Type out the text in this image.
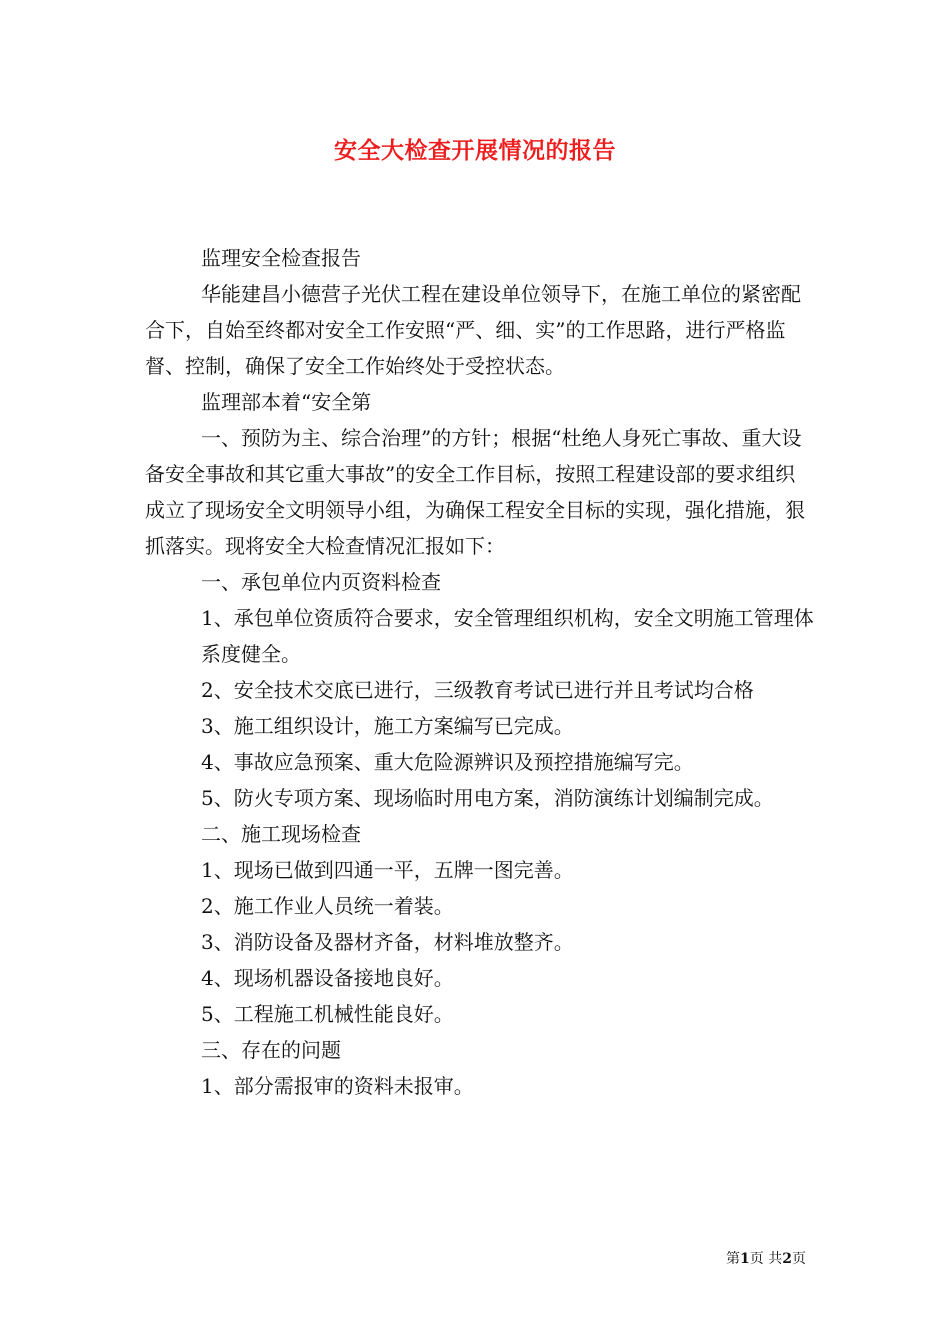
安全大检查开展情况的报告

监理安全检查报告

华能建昌小德营子光伏工程在建设单位领导下，在施工单位的紧密配合下，自始至终都对安全工作安照“严、细、实”的工作思路，进行严格监督、控制，确保了安全工作始终处于受控状态。

监理部本着“安全第

一、预防为主、综合治理”的方针；根据“杜绝人身死亡事故、重大设备安全事故和其它重大事故”的安全工作目标，按照工程建设部的要求组织成立了现场安全文明领导小组，为确保工程安全目标的实现，强化措施，狠抓落实。现将安全大检查情况汇报如下：

一、承包单位内页资料检查

1、承包单位资质符合要求，安全管理组织机构，安全文明施工管理体

系度健全。

2、安全技术交底已进行，三级教育考试已进行并且考试均合格

3、施工组织设计，施工方案编写已完成。

4、事故应急预案、重大危险源辨识及预控措施编写完。

5、防火专项方案、现场临时用电方案，消防演练计划编制完成。

二、施工现场检查

1、现场已做到四通一平，五牌一图完善。

2、施工作业人员统一着装。

3、消防设备及器材齐备，材料堆放整齐。

4、现场机器设备接地良好。

5、工程施工机械性能良好。

三、存在的问题

1、部分需报审的资料未报审。

第1页 共2页
